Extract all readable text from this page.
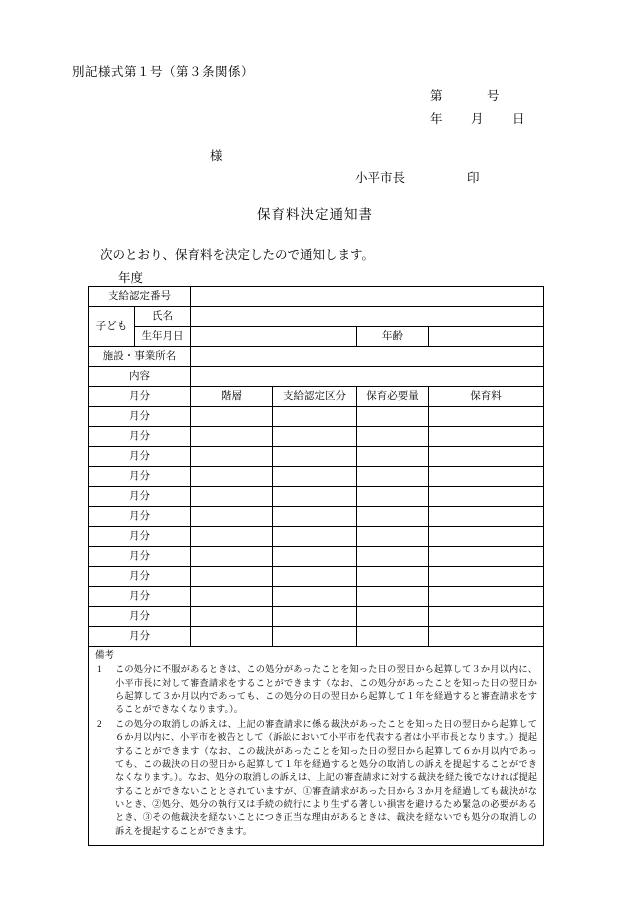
別記様式第１号（第３条関係）
第	号
年 月 日
様
小平市長	印
保育料決定通知書
次のとおり、保育料を決定したので通知します。
年度
支給認定番号					
子ども	氏名				
	生年月日			年齢	
施設・事業所名					
内容					
月分		階層	支給認定区分	保育必要量	保育料
月分					
月分					
月分					
月分					
月分					
月分					
月分					
月分					
月分					
月分					
月分					
月分					

備考
1 この処分に不服があるときは、この処分があったことを知った日の翌日から起算して３か月以内に、小平市長に対して審査請求をすることができます（なお、この処分があったことを知った日の翌日から起算して３か月以内であっても、この処分の日の翌日から起算して１年を経過すると審査請求をすることができなくなります。）。
2 この処分の取消しの訴えは、上記の審査請求に係る裁決があったことを知った日の翌日から起算して６か月以内に、小平市を被告として（訴訟において小平市を代表する者は小平市長となります。）提起することができます（なお、この裁決があったことを知った日の翌日から起算して６か月以内であっても、この裁決の日の翌日から起算して１年を経過すると処分の取消しの訴えを提起することができなくなります。）。なお、処分の取消しの訴えは、上記の審査請求に対する裁決を経た後でなければ提起することができないこととされていますが、①審査請求があった日から３か月を経過しても裁決がないとき、②処分、処分の執行又は手続の続行により生ずる著しい損害を避けるため緊急の必要があるとき、③その他裁決を経ないことにつき正当な理由があるときは、裁決を経ないでも処分の取消しの訴えを提起することができます。					
